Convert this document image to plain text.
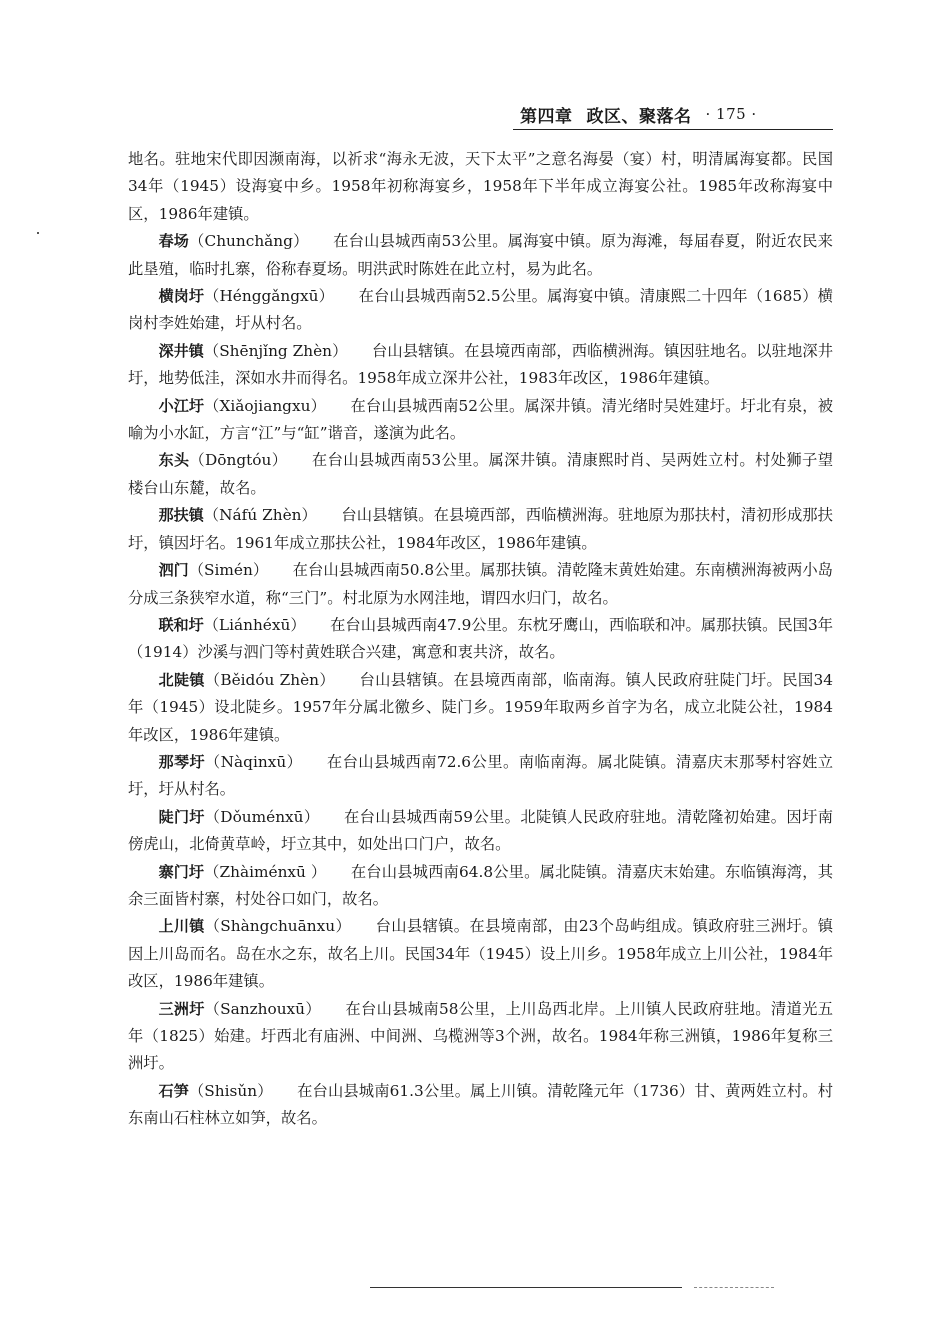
第四章 政区、聚落名 · 175 ·

地名。驻地宋代即因濒南海，以祈求“海永无波，天下太平”之意名海晏（宴）村，明清属海宴都。民国34年（1945）设海宴中乡。1958年初称海宴乡，1958年下半年成立海宴公社。1985年改称海宴中区，1986年建镇。

春场（Chunchǎng） 在台山县城西南53公里。属海宴中镇。原为海滩，每届春夏，附近农民来此垦殖，临时扎寨，俗称春夏场。明洪武时陈姓在此立村，易为此名。

横岗圩（Hénggǎngxū） 在台山县城西南52.5公里。属海宴中镇。清康熙二十四年（1685）横岗村李姓始建，圩从村名。

深井镇（Shēnjǐng Zhèn） 台山县辖镇。在县境西南部，西临横洲海。镇因驻地名。以驻地深井圩，地势低洼，深如水井而得名。1958年成立深井公社，1983年改区，1986年建镇。

小江圩（Xiǎojiangxu） 在台山县城西南52公里。属深井镇。清光绪时吴姓建圩。圩北有泉，被喻为小水缸，方言“江”与“缸”谐音，遂演为此名。

东头（Dōngtóu） 在台山县城西南53公里。属深井镇。清康熙时肖、吴两姓立村。村处狮子望楼台山东麓，故名。

那扶镇（Náfú Zhèn） 台山县辖镇。在县境西部，西临横洲海。驻地原为那扶村，清初形成那扶圩，镇因圩名。1961年成立那扶公社，1984年改区，1986年建镇。

泗门（Simén） 在台山县城西南50.8公里。属那扶镇。清乾隆末黄姓始建。东南横洲海被两小岛分成三条狭窄水道，称“三门”。村北原为水网洼地，谓四水归门，故名。

联和圩（Liánhéxū） 在台山县城西南47.9公里。东枕牙鹰山，西临联和冲。属那扶镇。民国3年（1914）沙溪与泗门等村黄姓联合兴建，寓意和衷共济，故名。

北陡镇（Běidóu Zhèn） 台山县辖镇。在县境西南部，临南海。镇人民政府驻陡门圩。民国34年（1945）设北陡乡。1957年分属北徼乡、陡门乡。1959年取两乡首字为名，成立北陡公社，1984年改区，1986年建镇。

那琴圩（Nàqinxū） 在台山县城西南72.6公里。南临南海。属北陡镇。清嘉庆末那琴村容姓立圩，圩从村名。

陡门圩（Dǒuménxū） 在台山县城西南59公里。北陡镇人民政府驻地。清乾隆初始建。因圩南傍虎山，北倚黄草岭，圩立其中，如处出口门户，故名。

寨门圩（Zhàiménxū ） 在台山县城西南64.8公里。属北陡镇。清嘉庆末始建。东临镇海湾，其余三面皆村寨，村处谷口如门，故名。

上川镇（Shàngchuānxu） 台山县辖镇。在县境南部，由23个岛屿组成。镇政府驻三洲圩。镇因上川岛而名。岛在水之东，故名上川。民国34年（1945）设上川乡。1958年成立上川公社，1984年改区，1986年建镇。

三洲圩（Sanzhouxū） 在台山县城南58公里，上川岛西北岸。上川镇人民政府驻地。清道光五年（1825）始建。圩西北有庙洲、中间洲、乌榄洲等3个洲，故名。1984年称三洲镇，1986年复称三洲圩。

石笋（Shisǔn） 在台山县城南61.3公里。属上川镇。清乾隆元年（1736）甘、黄两姓立村。村东南山石柱林立如笋，故名。
